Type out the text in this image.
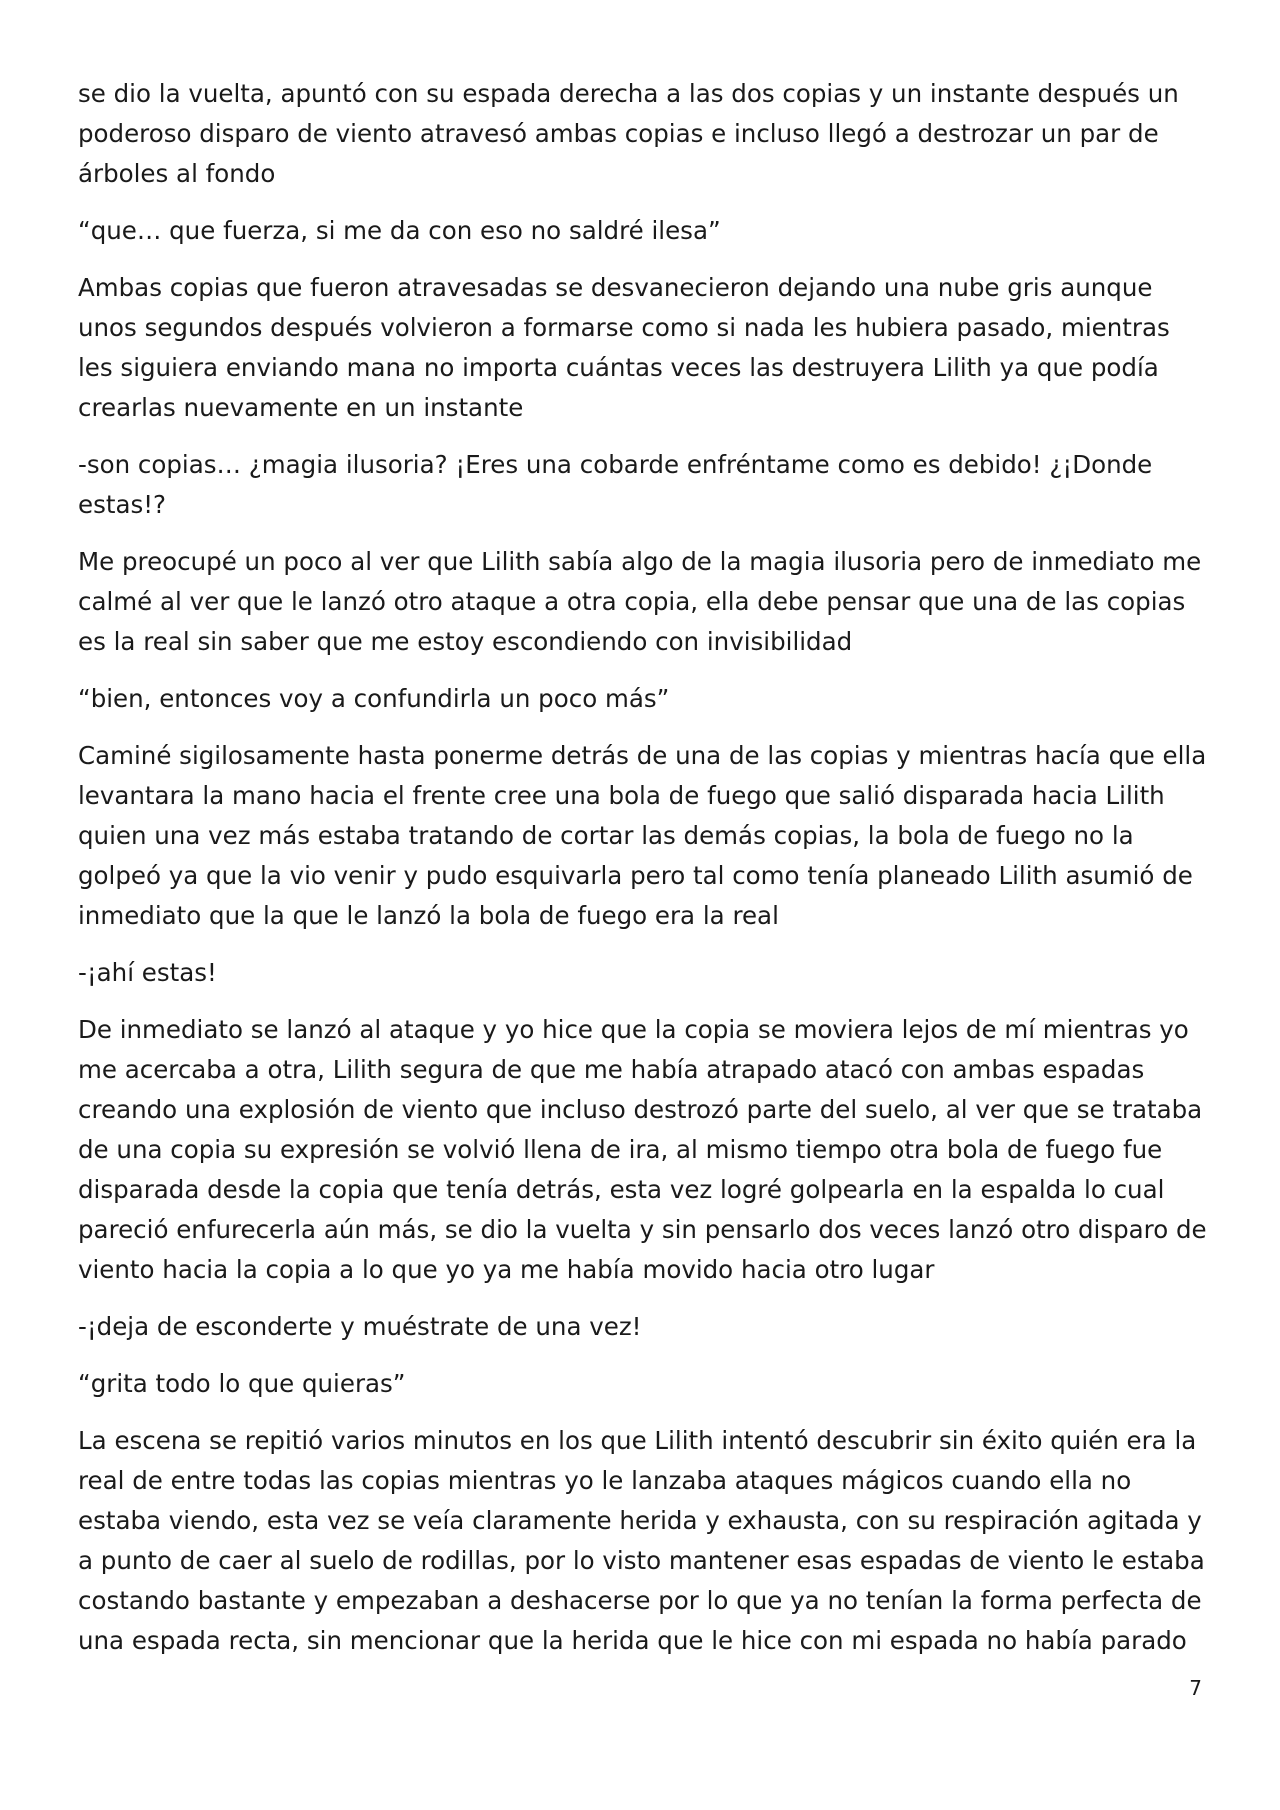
se dio la vuelta, apuntó con su espada derecha a las dos copias y un instante después un poderoso disparo de viento atravesó ambas copias e incluso llegó a destrozar un par de árboles al fondo

“que… que fuerza, si me da con eso no saldré ilesa”

Ambas copias que fueron atravesadas se desvanecieron dejando una nube gris aunque unos segundos después volvieron a formarse como si nada les hubiera pasado, mientras les siguiera enviando mana no importa cuántas veces las destruyera Lilith ya que podía crearlas nuevamente en un instante

-son copias… ¿magia ilusoria? ¡Eres una cobarde enfréntame como es debido! ¿¡Donde estas!?

Me preocupé un poco al ver que Lilith sabía algo de la magia ilusoria pero de inmediato me calmé al ver que le lanzó otro ataque a otra copia, ella debe pensar que una de las copias es la real sin saber que me estoy escondiendo con invisibilidad

“bien, entonces voy a confundirla un poco más”

Caminé sigilosamente hasta ponerme detrás de una de las copias y mientras hacía que ella levantara la mano hacia el frente cree una bola de fuego que salió disparada hacia Lilith quien una vez más estaba tratando de cortar las demás copias, la bola de fuego no la golpeó ya que la vio venir y pudo esquivarla pero tal como tenía planeado Lilith asumió de inmediato que la que le lanzó la bola de fuego era la real

-¡ahí estas!

De inmediato se lanzó al ataque y yo hice que la copia se moviera lejos de mí mientras yo me acercaba a otra, Lilith segura de que me había atrapado atacó con ambas espadas creando una explosión de viento que incluso destrozó parte del suelo, al ver que se trataba de una copia su expresión se volvió llena de ira, al mismo tiempo otra bola de fuego fue disparada desde la copia que tenía detrás, esta vez logré golpearla en la espalda lo cual pareció enfurecerla aún más, se dio la vuelta y sin pensarlo dos veces lanzó otro disparo de viento hacia la copia a lo que yo ya me había movido hacia otro lugar

-¡deja de esconderte y muéstrate de una vez!

“grita todo lo que quieras”

La escena se repitió varios minutos en los que Lilith intentó descubrir sin éxito quién era la real de entre todas las copias mientras yo le lanzaba ataques mágicos cuando ella no estaba viendo, esta vez se veía claramente herida y exhausta, con su respiración agitada y a punto de caer al suelo de rodillas, por lo visto mantener esas espadas de viento le estaba costando bastante y empezaban a deshacerse por lo que ya no tenían la forma perfecta de una espada recta, sin mencionar que la herida que le hice con mi espada no había parado

7
